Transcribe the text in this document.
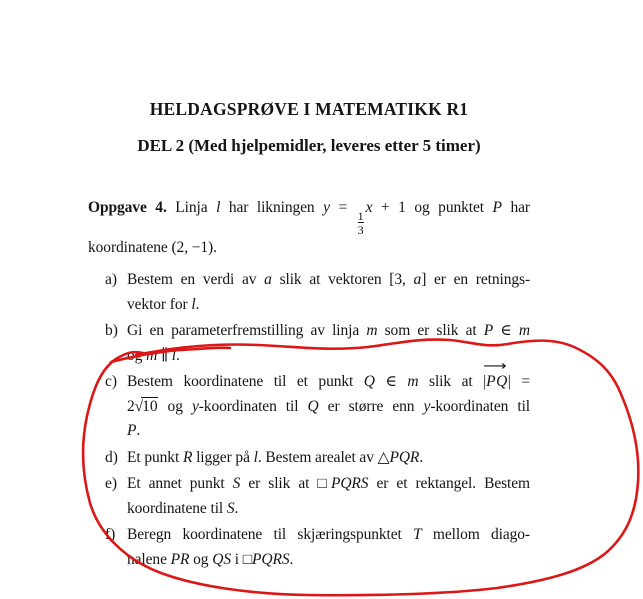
HELDAGSPRØVE I MATEMATIKK R1
DEL 2 (Med hjelpemidler, leveres etter 5 timer)
Oppgave 4. Linja l har likningen y =
$\frac{1}{3}$
x + 1 og punktet P har
koordinatene (2, −1).
a) Bestem en verdi av a slik at vektoren [3, a] er en retnings-
vektor for l.
b) Gi en parameterfremstilling av linja m som er slik at P ∈ m
og m ∥ l.
c) Bestem koordinatene til et punkt Q ∈ m slik at |
⟶
PQ| =
2√10 og y-koordinaten til Q er større enn y-koordinaten til
P.
d) Et punkt R ligger på l. Bestem arealet av △PQR.
e) Et annet punkt S er slik at □PQRS er et rektangel. Bestem
koordinatene til S.
f) Beregn koordinatene til skjæringspunktet T mellom diago-
nalene PR og QS i □PQRS.
